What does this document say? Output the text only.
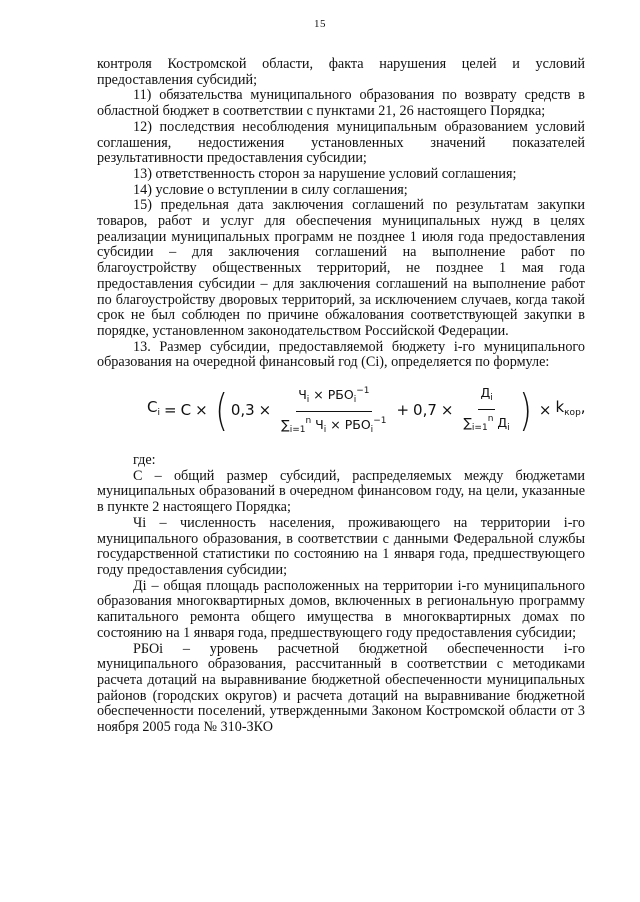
15

контроля Костромской области, факта нарушения целей и условий предоставления субсидий;

11) обязательства муниципального образования по возврату средств в областной бюджет в соответствии с пунктами 21, 26 настоящего Порядка;

12) последствия несоблюдения муниципальным образованием условий соглашения, недостижения установленных значений показателей результативности предоставления субсидии;

13) ответственность сторон за нарушение условий соглашения;

14) условие о вступлении в силу соглашения;

15) предельная дата заключения соглашений по результатам закупки товаров, работ и услуг для обеспечения муниципальных нужд в целях реализации муниципальных программ не позднее 1 июля года предоставления субсидии – для заключения соглашений на выполнение работ по благоустройству общественных территорий, не позднее 1 мая года предоставления субсидии – для заключения соглашений на выполнение работ по благоустройству дворовых территорий, за исключением случаев, когда такой срок не был соблюден по причине обжалования соответствующей закупки в порядке, установленном законодательством Российской Федерации.

13. Размер субсидии, предоставляемой бюджету i-го муниципального образования на очередной финансовый год (Ci), определяется по формуле:

$C_i = C$ × ( $0,3 \times \frac{Ч_i \times РБО_i^{-1}}{\sum_{i=1}^n Ч_i \times РБО_i^{-1}} + 0,7 \times \frac{Д_i}{\sum_{i=1}^n Д_i}$ ) × $k_{кор}$,

где:

С – общий размер субсидий, распределяемых между бюджетами муниципальных образований в очередном финансовом году, на цели, указанные в пункте 2 настоящего Порядка;

Чi – численность населения, проживающего на территории i-го муниципального образования, в соответствии с данными Федеральной службы государственной статистики по состоянию на 1 января года, предшествующего году предоставления субсидии;

Дi – общая площадь расположенных на территории i-го муниципального образования многоквартирных домов, включенных в региональную программу капитального ремонта общего имущества в многоквартирных домах по состоянию на 1 января года, предшествующего году предоставления субсидии;

РБОi – уровень расчетной бюджетной обеспеченности i-го муниципального образования, рассчитанный в соответствии с методиками расчета дотаций на выравнивание бюджетной обеспеченности муниципальных районов (городских округов) и расчета дотаций на выравнивание бюджетной обеспеченности поселений, утвержденными Законом Костромской области от 3 ноября 2005 года № 310-ЗКО
